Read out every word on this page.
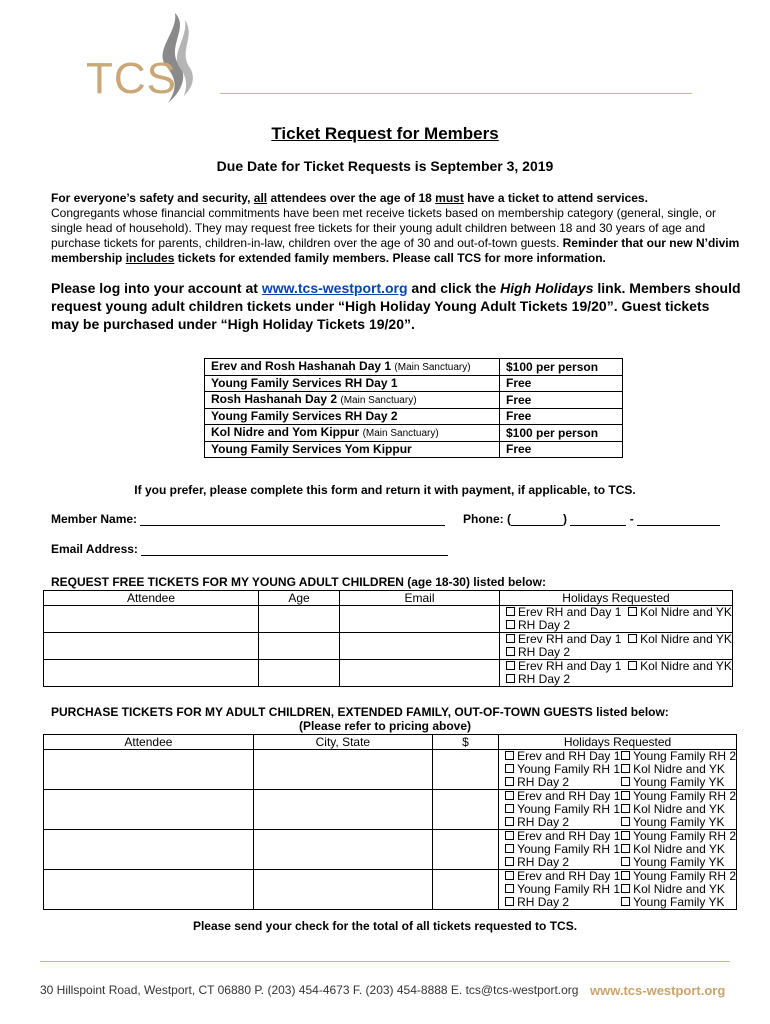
TCS
Ticket Request for Members
Due Date for Ticket Requests is September 3, 2019
For everyone’s safety and security, all attendees over the age of 18 must have a ticket to attend services.
Congregants whose financial commitments have been met receive tickets based on membership category (general, single, or single head of household). They may request free tickets for their young adult children between 18 and 30 years of age and purchase tickets for parents, children-in-law, children over the age of 30 and out-of-town guests. Reminder that our new N’divim membership includes tickets for extended family members. Please call TCS for more information.
Please log into your account at www.tcs-westport.org and click the High Holidays link. Members should request young adult children tickets under “High Holiday Young Adult Tickets 19/20”. Guest tickets may be purchased under “High Holiday Tickets 19/20”.
Erev and Rosh Hashanah Day 1 (Main Sanctuary)	$100 per person
Young Family Services RH Day 1	Free
Rosh Hashanah Day 2 (Main Sanctuary)	Free
Young Family Services RH Day 2	Free
Kol Nidre and Yom Kippur (Main Sanctuary)	$100 per person
Young Family Services Yom Kippur	Free
If you prefer, please complete this form and return it with payment, if applicable, to TCS.
Member Name:	Phone: (	)	-
Email Address:
REQUEST FREE TICKETS FOR MY YOUNG ADULT CHILDREN (age 18-30) listed below:
Attendee	Age	Email	Holidays Requested

			Erev RH and Day 1 Kol Nidre and YK
RH Day 2

			Erev RH and Day 1 Kol Nidre and YK
RH Day 2

			Erev RH and Day 1 Kol Nidre and YK
RH Day 2
PURCHASE TICKETS FOR MY ADULT CHILDREN, EXTENDED FAMILY, OUT-OF-TOWN GUESTS listed below:
(Please refer to pricing above)
Attendee	City, State	$	Holidays Requested

			Erev and RH Day 1 Young Family RH 2
Young Family RH 1 Kol Nidre and YK
RH Day 2 Young Family YK

			Erev and RH Day 1 Young Family RH 2
Young Family RH 1 Kol Nidre and YK
RH Day 2 Young Family YK

			Erev and RH Day 1 Young Family RH 2
Young Family RH 1 Kol Nidre and YK
RH Day 2 Young Family YK

			Erev and RH Day 1 Young Family RH 2
Young Family RH 1 Kol Nidre and YK
RH Day 2 Young Family YK
Please send your check for the total of all tickets requested to TCS.
30 Hillspoint Road, Westport, CT 06880 P. (203) 454-4673 F. (203) 454-8888 E. tcs@tcs-westport.org www.tcs-westport.org
